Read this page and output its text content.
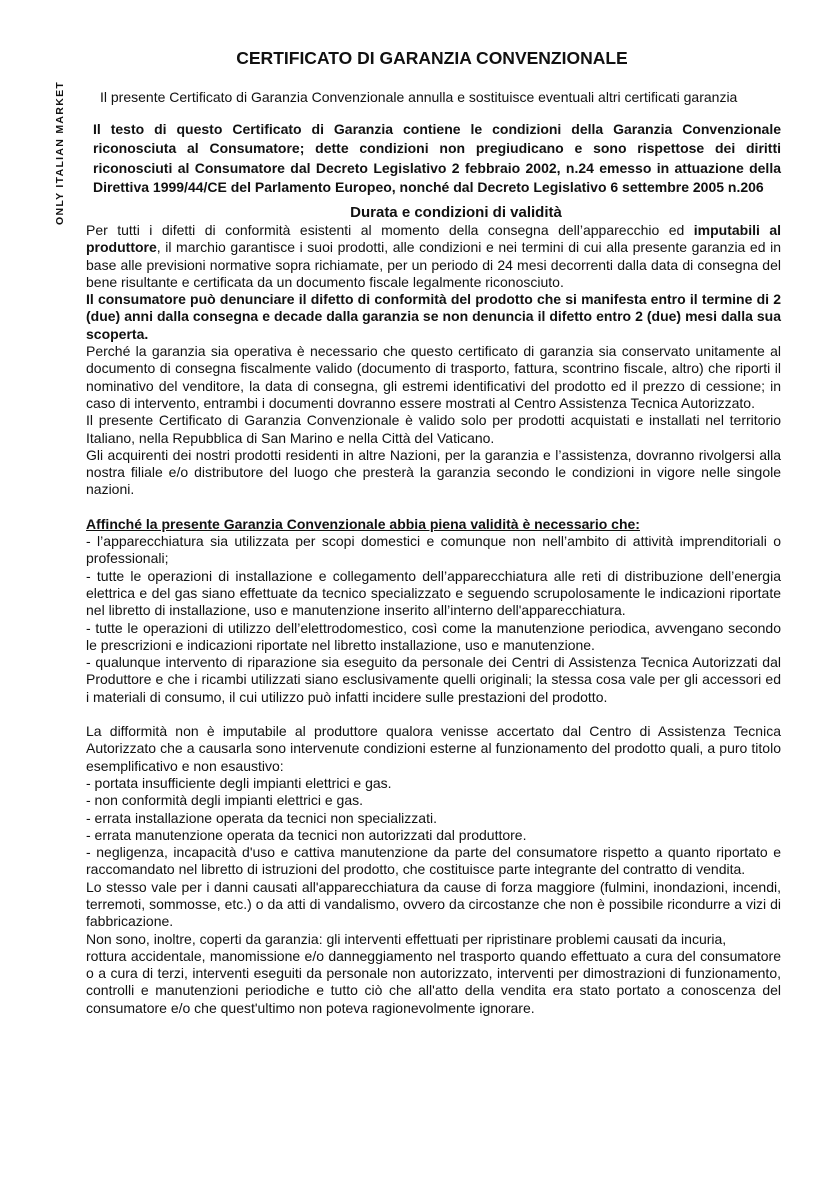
ONLY ITALIAN MARKET
CERTIFICATO DI GARANZIA CONVENZIONALE
Il presente Certificato di Garanzia Convenzionale annulla e sostituisce eventuali altri certificati garanzia
Il testo di questo Certificato di Garanzia contiene le condizioni della Garanzia Convenzionale riconosciuta al Consumatore; dette condizioni non pregiudicano e sono rispettose dei diritti riconosciuti al Consumatore dal Decreto Legislativo 2 febbraio 2002, n.24 emesso in attuazione della Direttiva 1999/44/CE del Parlamento Europeo, nonché dal Decreto Legislativo 6 settembre 2005 n.206

Durata e condizioni di validità

Per tutti i difetti di conformità esistenti al momento della consegna dell’apparecchio ed imputabili al produttore, il marchio garantisce i suoi prodotti, alle condizioni e nei termini di cui alla presente garanzia ed in base alle previsioni normative sopra richiamate, per un periodo di 24 mesi decorrenti dalla data di consegna del bene risultante e certificata da un documento fiscale legalmente riconosciuto.

Il consumatore può denunciare il difetto di conformità del prodotto che si manifesta entro il termine di 2 (due) anni dalla consegna e decade dalla garanzia se non denuncia il difetto entro 2 (due) mesi dalla sua scoperta.

Perché la garanzia sia operativa è necessario che questo certificato di garanzia sia conservato unitamente al documento di consegna fiscalmente valido (documento di trasporto, fattura, scontrino fiscale, altro) che riporti il nominativo del venditore, la data di consegna, gli estremi identificativi del prodotto ed il prezzo di cessione; in caso di intervento, entrambi i documenti dovranno essere mostrati al Centro Assistenza Tecnica Autorizzato.

Il presente Certificato di Garanzia Convenzionale è valido solo per prodotti acquistati e installati nel territorio Italiano, nella Repubblica di San Marino e nella Città del Vaticano.

Gli acquirenti dei nostri prodotti residenti in altre Nazioni, per la garanzia e l’assistenza, dovranno rivolgersi alla nostra filiale e/o distributore del luogo che presterà la garanzia secondo le condizioni in vigore nelle singole nazioni.

Affinché la presente Garanzia Convenzionale abbia piena validità è necessario che:

- l’apparecchiatura sia utilizzata per scopi domestici e comunque non nell’ambito di attività imprenditoriali o professionali;

- tutte le operazioni di installazione e collegamento dell’apparecchiatura alle reti di distribuzione dell’energia elettrica e del gas siano effettuate da tecnico specializzato e seguendo scrupolosamente le indicazioni riportate nel libretto di installazione, uso e manutenzione inserito all’interno dell'apparecchiatura.

- tutte le operazioni di utilizzo dell’elettrodomestico, così come la manutenzione periodica, avvengano secondo le prescrizioni e indicazioni riportate nel libretto installazione, uso e manutenzione.

- qualunque intervento di riparazione sia eseguito da personale dei Centri di Assistenza Tecnica Autorizzati dal Produttore e che i ricambi utilizzati siano esclusivamente quelli originali; la stessa cosa vale per gli accessori ed i materiali di consumo, il cui utilizzo può infatti incidere sulle prestazioni del prodotto.

La difformità non è imputabile al produttore qualora venisse accertato dal Centro di Assistenza Tecnica Autorizzato che a causarla sono intervenute condizioni esterne al funzionamento del prodotto quali, a puro titolo esemplificativo e non esaustivo:

- portata insufficiente degli impianti elettrici e gas.

- non conformità degli impianti elettrici e gas.

- errata installazione operata da tecnici non specializzati.

- errata manutenzione operata da tecnici non autorizzati dal produttore.

- negligenza, incapacità d'uso e cattiva manutenzione da parte del consumatore rispetto a quanto riportato e raccomandato nel libretto di istruzioni del prodotto, che costituisce parte integrante del contratto di vendita.

Lo stesso vale per i danni causati all'apparecchiatura da cause di forza maggiore (fulmini, inondazioni, incendi, terremoti, sommosse, etc.) o da atti di vandalismo, ovvero da circostanze che non è possibile ricondurre a vizi di fabbricazione.

Non sono, inoltre, coperti da garanzia: gli interventi effettuati per ripristinare problemi causati da incuria,

rottura accidentale, manomissione e/o danneggiamento nel trasporto quando effettuato a cura del consumatore o a cura di terzi, interventi eseguiti da personale non autorizzato, interventi per dimostrazioni di funzionamento, controlli e manutenzioni periodiche e tutto ciò che all'atto della vendita era stato portato a conoscenza del consumatore e/o che quest'ultimo non poteva ragionevolmente ignorare.
